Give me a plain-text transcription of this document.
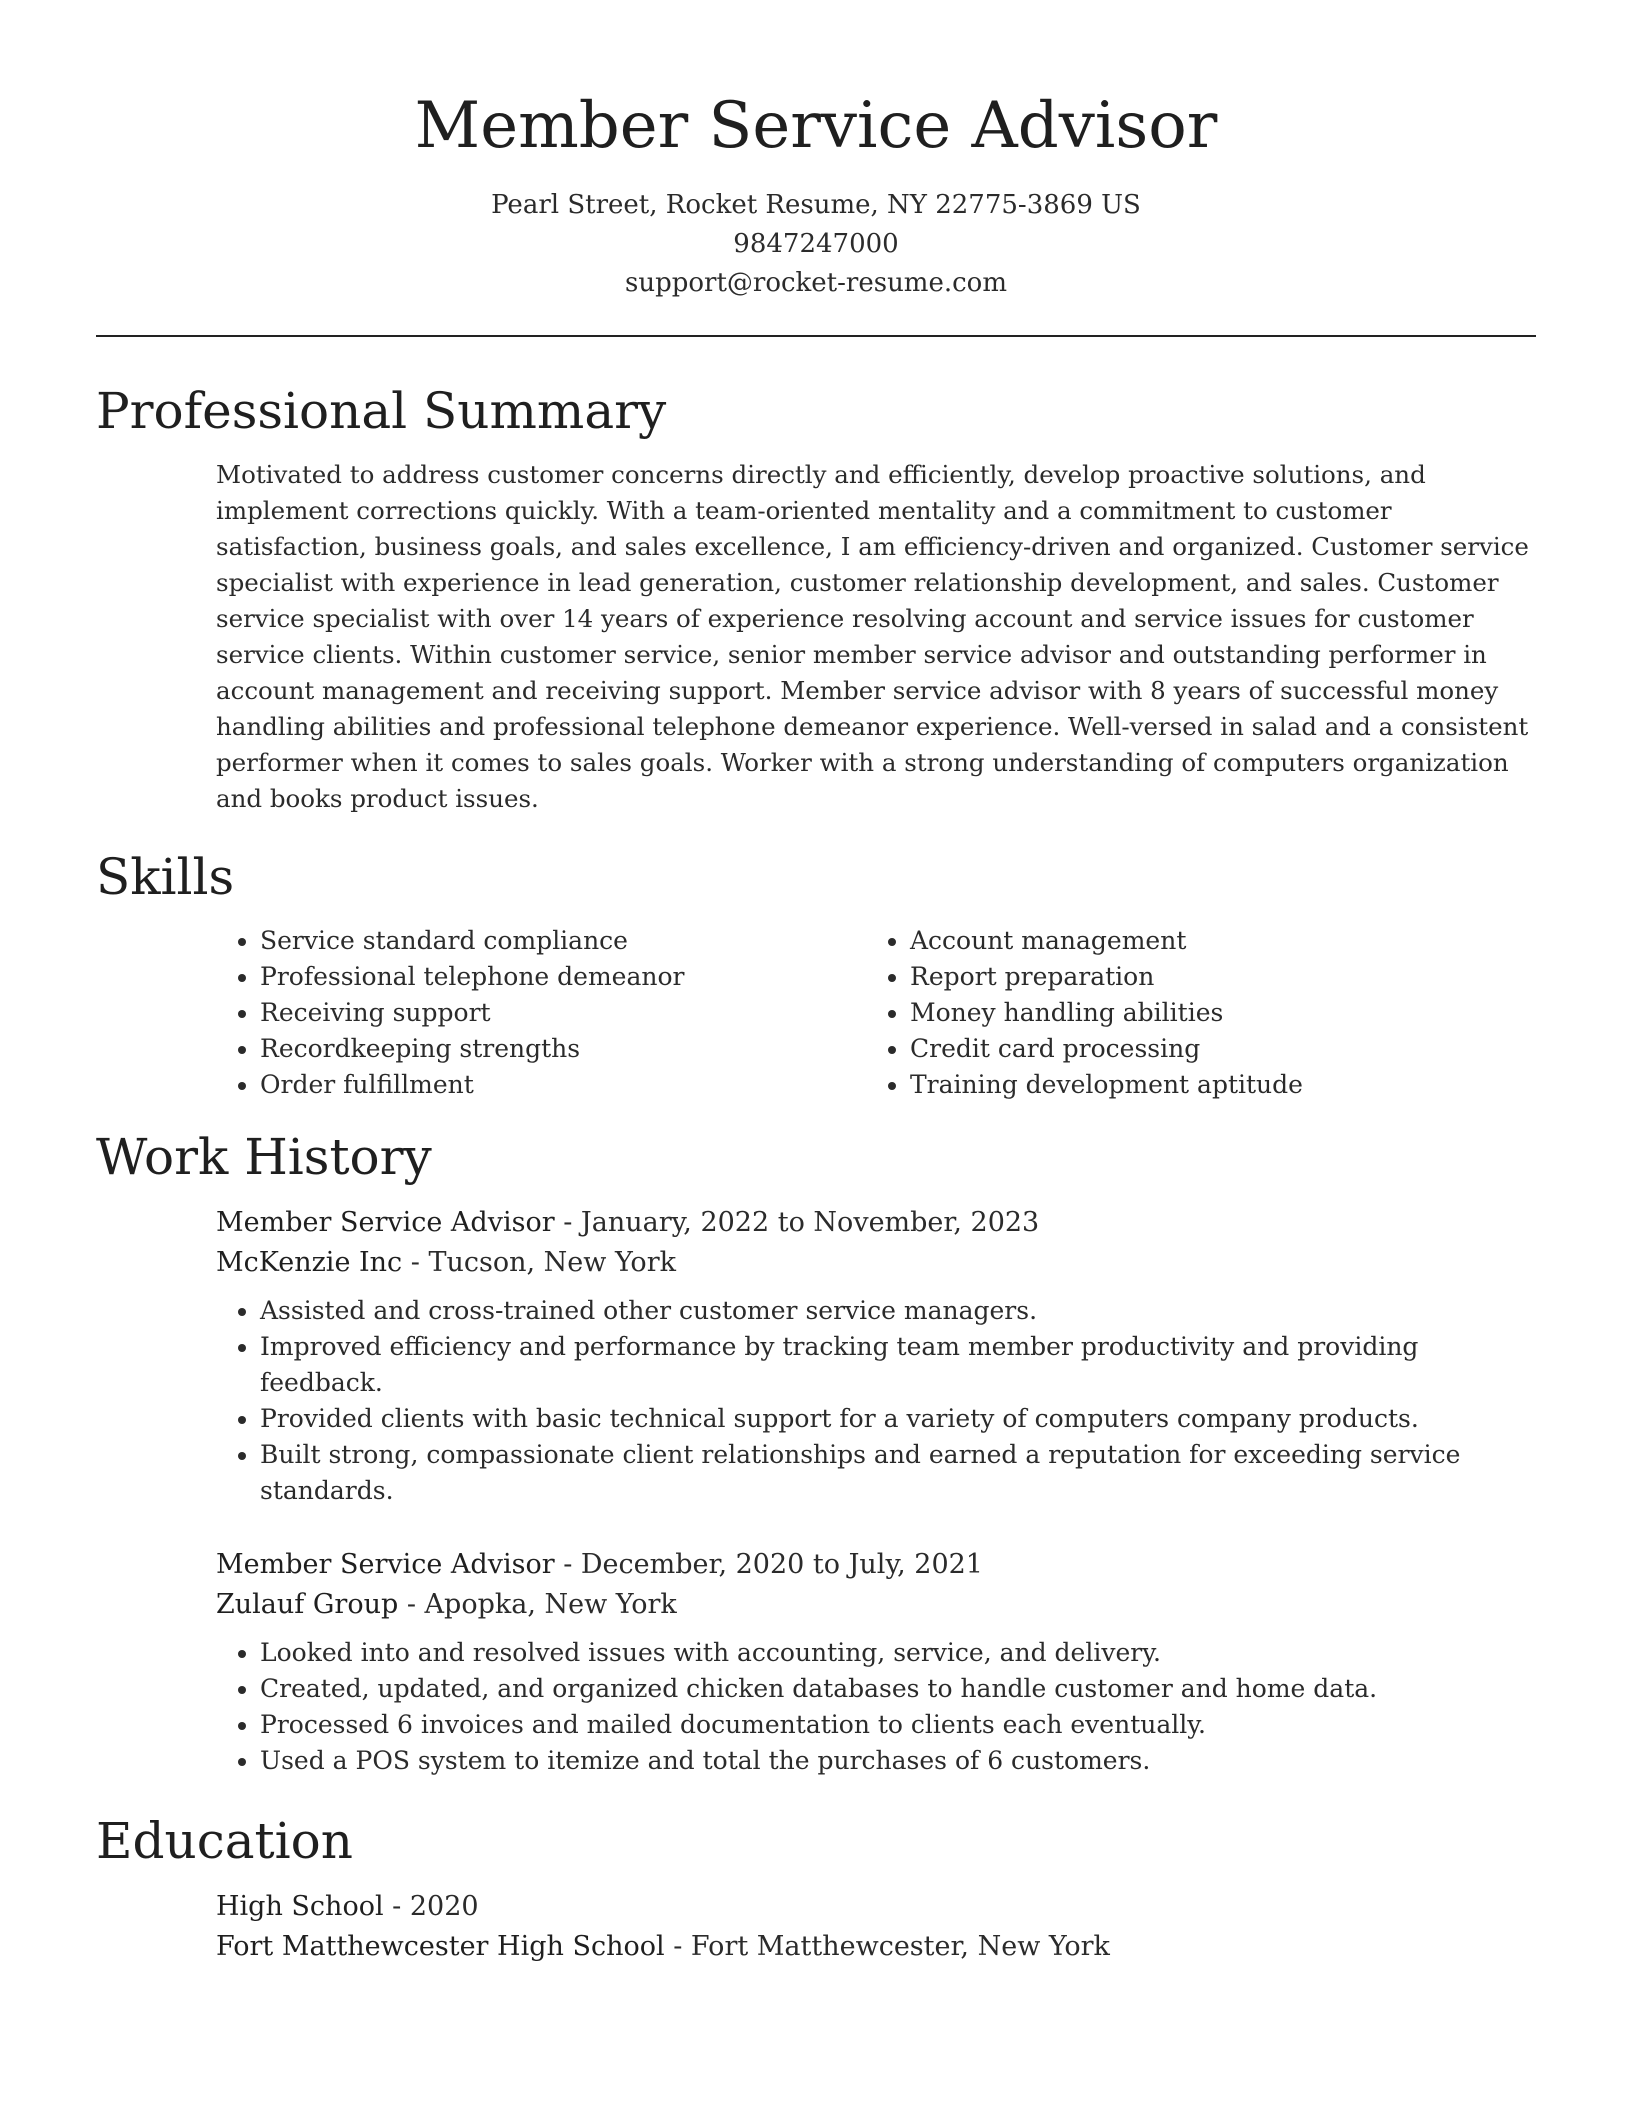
Member Service Advisor
Pearl Street, Rocket Resume, NY 22775-3869 US
9847247000
support@rocket-resume.com
Professional Summary
Motivated to address customer concerns directly and efficiently, develop proactive solutions, and implement corrections quickly. With a team-oriented mentality and a commitment to customer satisfaction, business goals, and sales excellence, I am efficiency-driven and organized. Customer service specialist with experience in lead generation, customer relationship development, and sales. Customer service specialist with over 14 years of experience resolving account and service issues for customer service clients. Within customer service, senior member service advisor and outstanding performer in account management and receiving support. Member service advisor with 8 years of successful money handling abilities and professional telephone demeanor experience. Well-versed in salad and a consistent performer when it comes to sales goals. Worker with a strong understanding of computers organization and books product issues.
Skills
• Service standard compliance
• Professional telephone demeanor
• Receiving support
• Recordkeeping strengths
• Order fulfillment
• Account management
• Report preparation
• Money handling abilities
• Credit card processing
• Training development aptitude
Work History
Member Service Advisor - January, 2022 to November, 2023
McKenzie Inc - Tucson, New York
• Assisted and cross-trained other customer service managers.
• Improved efficiency and performance by tracking team member productivity and providing feedback.
• Provided clients with basic technical support for a variety of computers company products.
• Built strong, compassionate client relationships and earned a reputation for exceeding service standards.
Member Service Advisor - December, 2020 to July, 2021
Zulauf Group - Apopka, New York
• Looked into and resolved issues with accounting, service, and delivery.
• Created, updated, and organized chicken databases to handle customer and home data.
• Processed 6 invoices and mailed documentation to clients each eventually.
• Used a POS system to itemize and total the purchases of 6 customers.
Education
High School - 2020
Fort Matthewcester High School - Fort Matthewcester, New York
